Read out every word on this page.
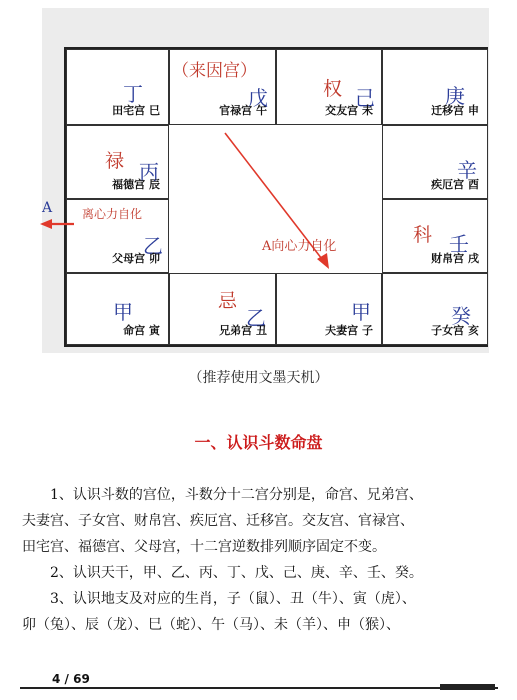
丁
田宅宫 巳
（来因宫）
戊
官禄宫 午
权 己
交友宫 未
庚
迁移宫 申
禄 丙
福德宫 辰
乙
父母宫 卯
辛
疾厄宫 酉
科 壬
财帛宫 戌
甲
命宫 寅
忌
乙
兄弟宫 丑
甲
夫妻宫 子
癸
子女宫 亥
A向心力自化
A 离心力自化
（推荐使用文墨天机）
一、认识斗数命盘
1、认识斗数的宫位，斗数分十二宫分别是，命宫、兄弟宫、
夫妻宫、子女宫、财帛宫、疾厄宫、迁移宫。交友宫、官禄宫、
田宅宫、福德宫、父母宫，十二宫逆数排列顺序固定不变。
2、认识天干，甲、乙、丙、丁、戊、己、庚、辛、壬、癸。
3、认识地支及对应的生肖，子（鼠）、丑（牛）、寅（虎）、
卯（兔）、辰（龙）、巳（蛇）、午（马）、未（羊）、申（猴）、
4 / 69
